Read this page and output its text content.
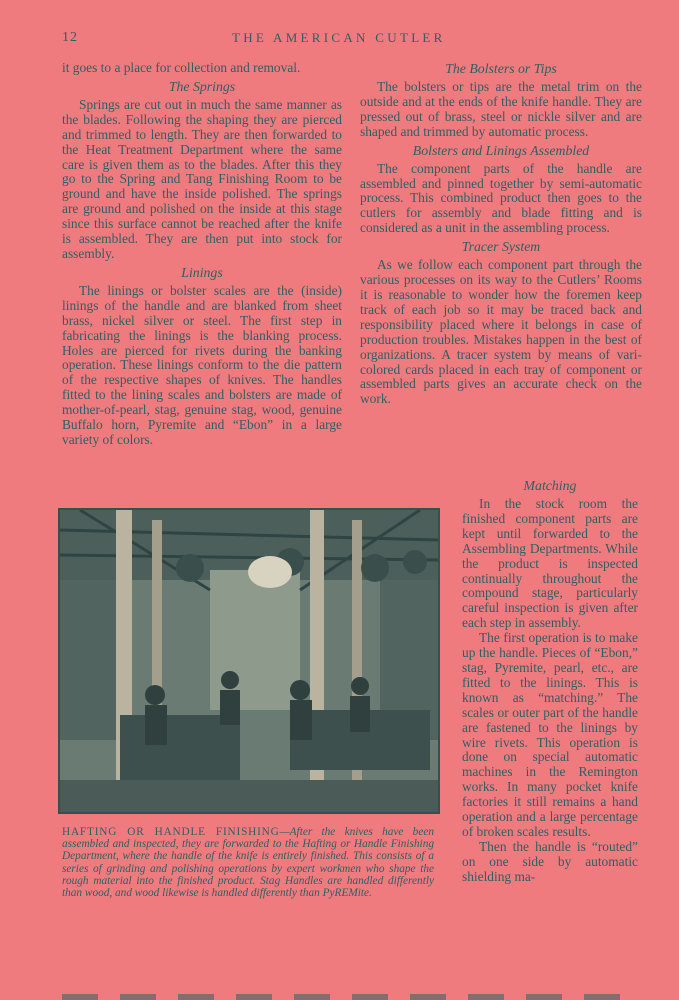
12	THE AMERICAN CUTLER

it goes to a place for collection and removal.

The Springs

Springs are cut out in much the same manner as the blades. Following the shaping they are pierced and trimmed to length. They are then forwarded to the Heat Treatment Department where the same care is given them as to the blades. After this they go to the Spring and Tang Finishing Room to be ground and have the inside polished. The springs are ground and polished on the inside at this stage since this surface cannot be reached after the knife is assembled. They are then put into stock for assembly.

Linings

The linings or bolster scales are the (inside) linings of the handle and are blanked from sheet brass, nickel silver or steel. The first step in fabricating the linings is the blanking process. Holes are pierced for rivets during the banking operation. These linings conform to the die pattern of the respective shapes of knives. The handles fitted to the lining scales and bolsters are made of mother-of-pearl, stag, genuine stag, wood, genuine Buffalo horn, Pyremite and “Ebon” in a large variety of colors.

The Bolsters or Tips

The bolsters or tips are the metal trim on the outside and at the ends of the knife handle. They are pressed out of brass, steel or nickle silver and are shaped and trimmed by automatic process.

Bolsters and Linings Assembled

The component parts of the handle are assembled and pinned together by semi-automatic process. This combined product then goes to the cutlers for assembly and blade fitting and is considered as a unit in the assembling process.

Tracer System

As we follow each component part through the various processes on its way to the Cutlers’ Rooms it is reasonable to wonder how the foremen keep track of each job so it may be traced back and responsibility placed where it belongs in case of production troubles. Mistakes happen in the best of organizations. A tracer system by means of vari-colored cards placed in each tray of component or assembled parts gives an accurate check on the work.

HAFTING OR HANDLE FINISHING—After the knives have been assembled and inspected, they are forwarded to the Hafting or Handle Finishing Department, where the handle of the knife is entirely finished. This consists of a series of grinding and polishing operations by expert workmen who shape the rough material into the finished product. Stag Handles are handled differently than wood, and wood likewise is handled differently than PyREMite.
Matching

In the stock room the finished component parts are kept until forwarded to the Assembling Departments. While the product is inspected continually throughout the compound stage, particularly careful inspection is given after each step in assembly.

The first operation is to make up the handle. Pieces of “Ebon,” stag, Pyremite, pearl, etc., are fitted to the linings. This is known as “matching.” The scales or outer part of the handle are fastened to the linings by wire rivets. This operation is done on special automatic machines in the Remington works. In many pocket knife factories it still remains a hand operation and a large percentage of broken scales results.

Then the handle is “routed” on one side by automatic shielding ma-
